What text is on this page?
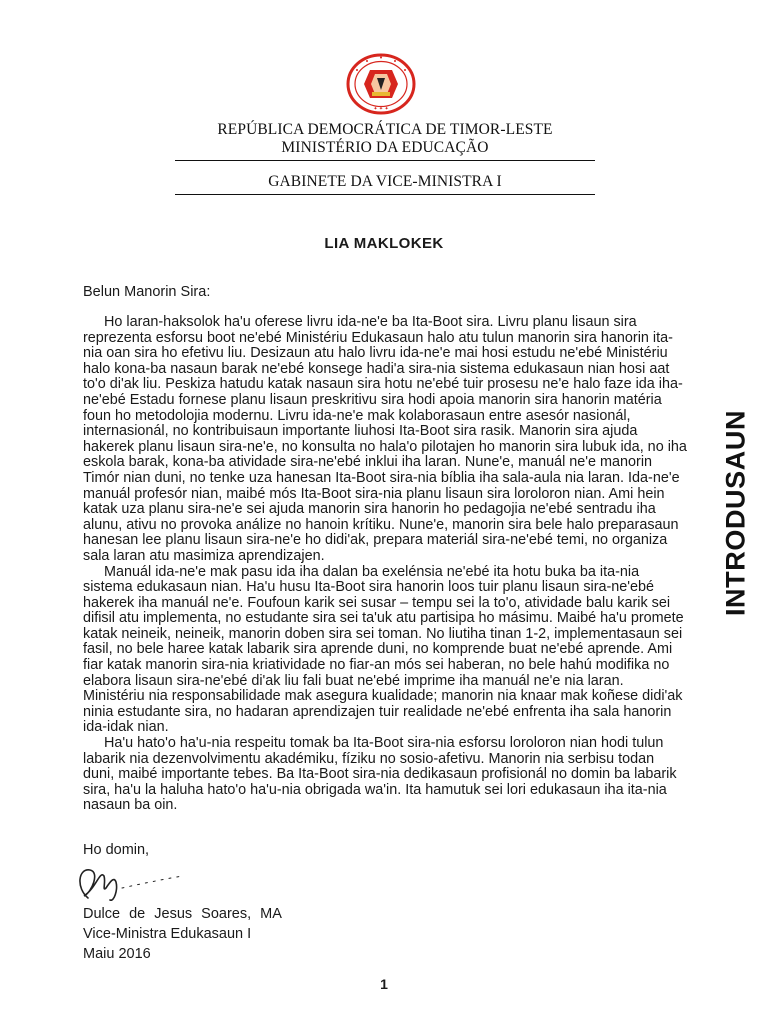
✦ ✦ ✦
REPÚBLICA DEMOCRÁTICA DE TIMOR-LESTE
MINISTÉRIO DA EDUCAÇÃO
GABINETE DA VICE-MINISTRA I
LIA MAKLOKEK
Belun Manorin Sira:

Ho laran-haksolok ha'u oferese livru ida-ne'e ba Ita-Boot sira. Livru planu lisaun sira reprezenta esforsu boot ne'ebé Ministériu Edukasaun halo atu tulun manorin sira hanorin ita-nia oan sira ho efetivu liu. Desizaun atu halo livru ida-ne'e mai hosi estudu ne'ebé Ministériu halo kona-ba nasaun barak ne'ebé konsege hadi'a sira-nia sistema edukasaun nian hosi aat to'o di'ak liu. Peskiza hatudu katak nasaun sira hotu ne'ebé tuir prosesu ne'e halo faze ida iha-ne'ebé Estadu fornese planu lisaun preskritivu sira hodi apoia manorin sira hanorin matéria foun ho metodolojia modernu. Livru ida-ne'e mak kolaborasaun entre asesór nasionál, internasionál, no kontribuisaun importante liuhosi Ita-Boot sira rasik. Manorin sira ajuda hakerek planu lisaun sira-ne'e, no konsulta no hala'o pilotajen ho manorin sira lubuk ida, no iha eskola barak, kona-ba atividade sira-ne'ebé inklui iha laran. Nune'e, manuál ne'e manorin Timór nian duni, no tenke uza hanesan Ita-Boot sira-nia bíblia iha sala-aula nia laran. Ida-ne'e manuál profesór nian, maibé mós Ita-Boot sira-nia planu lisaun sira loroloron nian. Ami hein katak uza planu sira-ne'e sei ajuda manorin sira hanorin ho pedagojia ne'ebé sentradu iha alunu, ativu no provoka análize no hanoin krítiku. Nune'e, manorin sira bele halo preparasaun hanesan lee planu lisaun sira-ne'e ho didi'ak, prepara materiál sira-ne'ebé temi, no organiza sala laran atu masimiza aprendizajen.

Manuál ida-ne'e mak pasu ida iha dalan ba exelénsia ne'ebé ita hotu buka ba ita-nia sistema edukasaun nian. Ha'u husu Ita-Boot sira hanorin loos tuir planu lisaun sira-ne'ebé hakerek iha manuál ne'e. Foufoun karik sei susar – tempu sei la to'o, atividade balu karik sei difisil atu implementa, no estudante sira sei ta'uk atu partisipa ho másimu. Maibé ha'u promete katak neineik, neineik, manorin doben sira sei toman. No liutiha tinan 1-2, implementasaun sei fasil, no bele haree katak labarik sira aprende duni, no komprende buat ne'ebé aprende. Ami fiar katak manorin sira-nia kriatividade no fiar-an mós sei haberan, no bele hahú modifika no elabora lisaun sira-ne'ebé di'ak liu fali buat ne'ebé imprime iha manuál ne'e nia laran. Ministériu nia responsabilidade mak asegura kualidade; manorin nia knaar mak koñese didi'ak ninia estudante sira, no hadaran aprendizajen tuir realidade ne'ebé enfrenta iha sala hanorin ida-idak nian.

Ha'u hato'o ha'u-nia respeitu tomak ba Ita-Boot sira-nia esforsu loroloron nian hodi tulun labarik nia dezenvolvimentu akadémiku, fíziku no sosio-afetivu. Manorin nia serbisu todan duni, maibé importante tebes. Ba Ita-Boot sira-nia dedikasaun profisionál no domin ba labarik sira, ha'u la haluha hato'o ha'u-nia obrigada wa'in. Ita hamutuk sei lori edukasaun iha ita-nia nasaun ba oin.

Ho domin,
Dulce de Jesus Soares, MA
Vice-Ministra Edukasaun I
Maiu 2016
1
INTRODUSAUN
